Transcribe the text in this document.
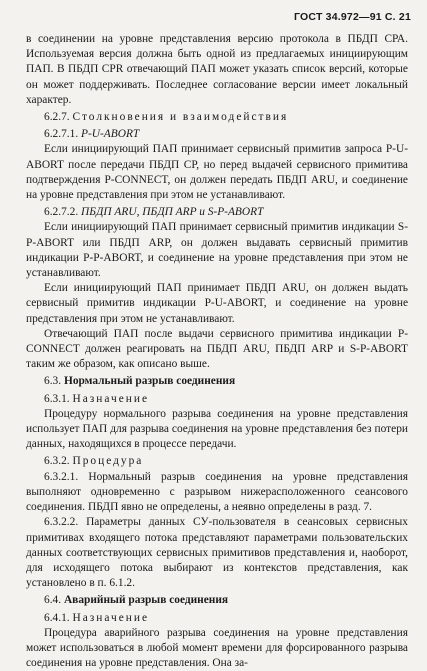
ГОСТ 34.972—91 С. 21

в соединении на уровне представления версию протокола в ПБДП СРА. Используемая версия должна быть одной из предлагаемых инициирующим ПАП. В ПБДП CPR отвечающий ПАП может указать список версий, которые он может поддерживать. Последнее согласование версии имеет локальный характер.

6.2.7. Столкновения и взаимодействия

6.2.7.1. P-U-ABORT

Если инициирующий ПАП принимает сервисный примитив запроса P-U-ABORT после передачи ПБДП СР, но перед выдачей сервисного примитива подтверждения P-CONNECT, он должен передать ПБДП ARU, и соединение на уровне представления при этом не устанавливают.

6.2.7.2. ПБДП ARU, ПБДП ARP и S-P-ABORT

Если инициирующий ПАП принимает сервисный примитив индикации S-P-ABORT или ПБДП ARP, он должен выдавать сервисный примитив индикации P-P-ABORT, и соединение на уровне представления при этом не устанавливают.

Если инициирующий ПАП принимает ПБДП ARU, он должен выдать сервисный примитив индикации P-U-ABORT, и соединение на уровне представления при этом не устанавливают.

Отвечающий ПАП после выдачи сервисного примитива индикации P-CONNECT должен реагировать на ПБДП ARU, ПБДП ARP и S-P-ABORT таким же образом, как описано выше.

6.3. Нормальный разрыв соединения

6.3.1. Назначение

Процедуру нормального разрыва соединения на уровне представления использует ПАП для разрыва соединения на уровне представления без потери данных, находящихся в процессе передачи.

6.3.2. Процедура

6.3.2.1. Нормальный разрыв соединения на уровне представления выполняют одновременно с разрывом нижерасположенного сеансового соединения. ПБДП явно не определены, а неявно определены в разд. 7.

6.3.2.2. Параметры данных СУ-пользователя в сеансовых сервисных примитивах входящего потока представляют параметрами пользовательских данных соответствующих сервисных примитивов представления и, наоборот, для исходящего потока выбирают из контекстов представления, как установлено в п. 6.1.2.

6.4. Аварийный разрыв соединения

6.4.1. Назначение

Процедура аварийного разрыва соединения на уровне представления может использоваться в любой момент времени для форсированного разрыва соединения на уровне представления. Она за-
